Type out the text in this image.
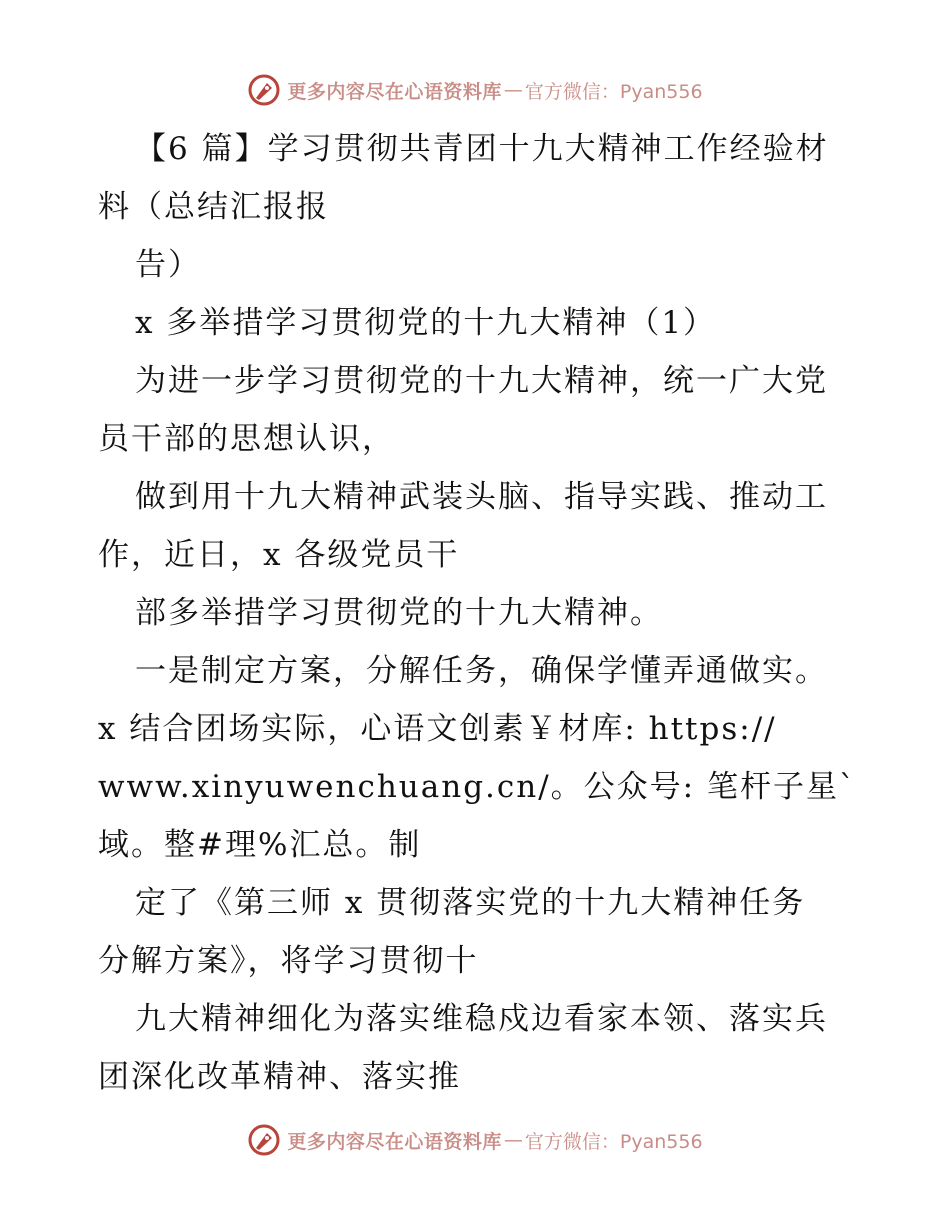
更多内容尽在心语资料库 — 官方微信：Pyan556
【6 篇】学习贯彻共青团十九大精神工作经验材
料（总结汇报报
告）
x 多举措学习贯彻党的十九大精神（1）
为进一步学习贯彻党的十九大精神，统一广大党
员干部的思想认识，
做到用十九大精神武装头脑、指导实践、推动工
作，近日，x 各级党员干
部多举措学习贯彻党的十九大精神。
一是制定方案，分解任务，确保学懂弄通做实。
x 结合团场实际，心语文创素￥材库: https://
www.xinyuwenchuang.cn/。公众号: 笔杆子星`
域。整#理%汇总。制
定了《第三师 x 贯彻落实党的十九大精神任务
分解方案》，将学习贯彻十
九大精神细化为落实维稳戍边看家本领、落实兵
团深化改革精神、落实推
更多内容尽在心语资料库 — 官方微信：Pyan556
